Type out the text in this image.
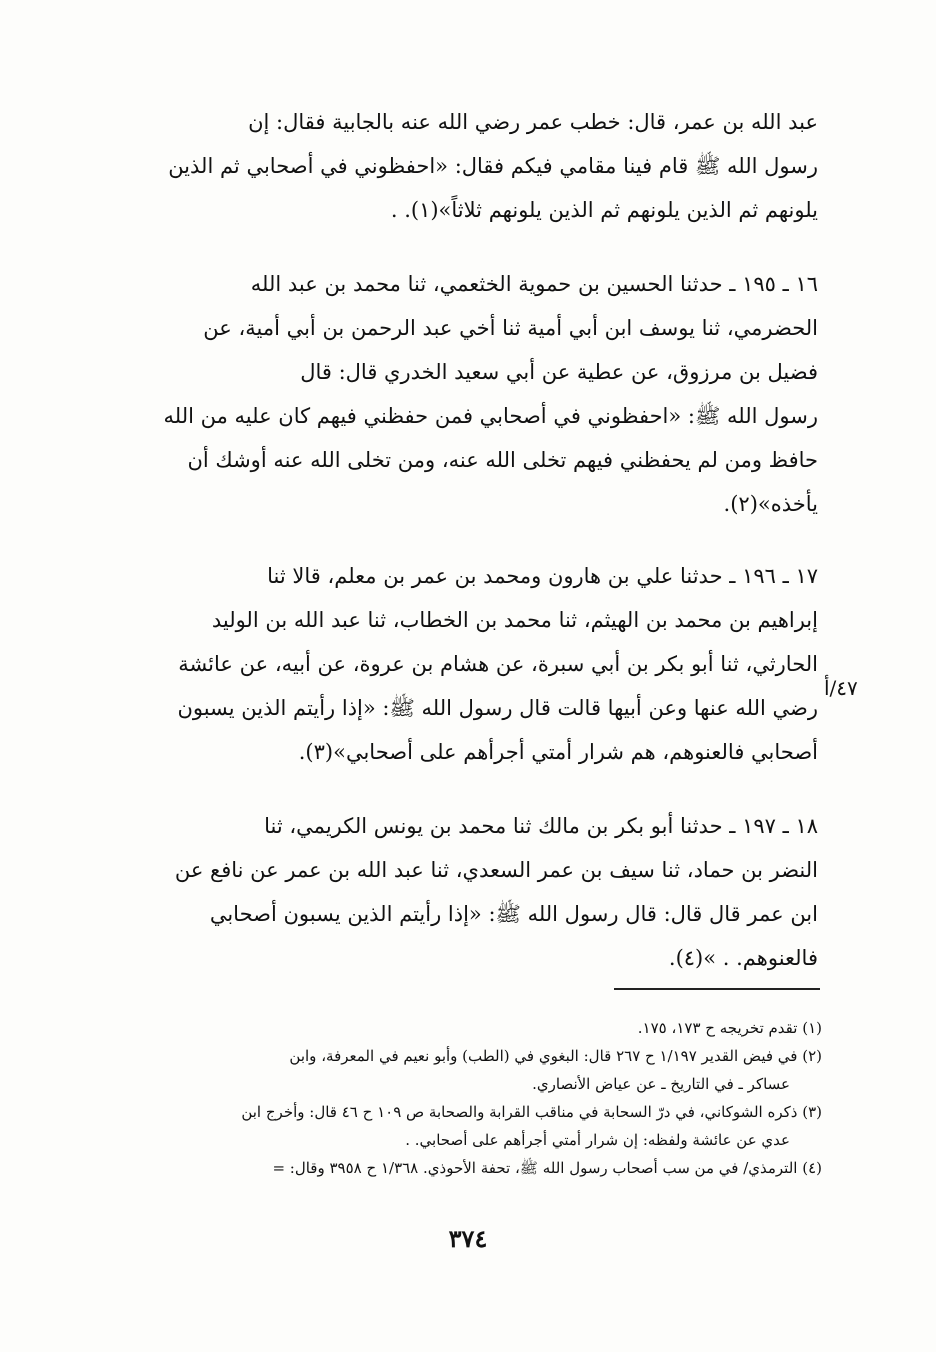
عبد الله بن عمر، قال: خطب عمر رضي الله عنه بالجابية فقال: إن
رسول الله ﷺ قام فينا مقامي فيكم فقال: «احفظوني في أصحابي ثم الذين
يلونهم ثم الذين يلونهم ثم الذين يلونهم ثلاثاً»(١). .
١٦ ـ ١٩٥ ـ حدثنا الحسين بن حموية الخثعمي، ثنا محمد بن عبد الله
الحضرمي، ثنا يوسف ابن أبي أمية ثنا أخي عبد الرحمن بن أبي أمية، عن
فضيل بن مرزوق، عن عطية عن أبي سعيد الخدري قال: قال
رسول الله ﷺ: «احفظوني في أصحابي فمن حفظني فيهم كان عليه من الله
حافظ ومن لم يحفظني فيهم تخلى الله عنه، ومن تخلى الله عنه أوشك أن
يأخذه»(٢).
١٧ ـ ١٩٦ ـ حدثنا علي بن هارون ومحمد بن عمر بن معلم، قالا ثنا
إبراهيم بن محمد بن الهيثم، ثنا محمد بن الخطاب، ثنا عبد الله بن الوليد
الحارثي، ثنا أبو بكر بن أبي سبرة، عن هشام بن عروة، عن أبيه، عن عائشة
رضي الله عنها وعن أبيها قالت قال رسول الله ﷺ: «إذا رأيتم الذين يسبون
أصحابي فالعنوهم، هم شرار أمتي أجرأهم على أصحابي»(٣).
٤٧/أ
١٨ ـ ١٩٧ ـ حدثنا أبو بكر بن مالك ثنا محمد بن يونس الكريمي، ثنا
النضر بن حماد، ثنا سيف بن عمر السعدي، ثنا عبد الله بن عمر عن نافع عن
ابن عمر قال قال: قال رسول الله ﷺ: «إذا رأيتم الذين يسبون أصحابي
فالعنوهم. . »(٤).
(١) تقدم تخريجه ح ١٧٣، ١٧٥.
(٢) في فيض القدير ١/١٩٧ ح ٢٦٧ قال: البغوي في (الطب) وأبو نعيم في المعرفة، وابن
عساكر ـ في التاريخ ـ عن عياض الأنصاري.
(٣) ذكره الشوكاني، في درّ السحابة في مناقب القرابة والصحابة ص ١٠٩ ح ٤٦ قال: وأخرج ابن
عدي عن عائشة ولفظه: إن شرار أمتي أجرأهم على أصحابي. .
(٤) الترمذي/ في من سب أصحاب رسول الله ﷺ، تحفة الأحوذي. ١/٣٦٨ ح ٣٩٥٨ وقال: =
٣٧٤
